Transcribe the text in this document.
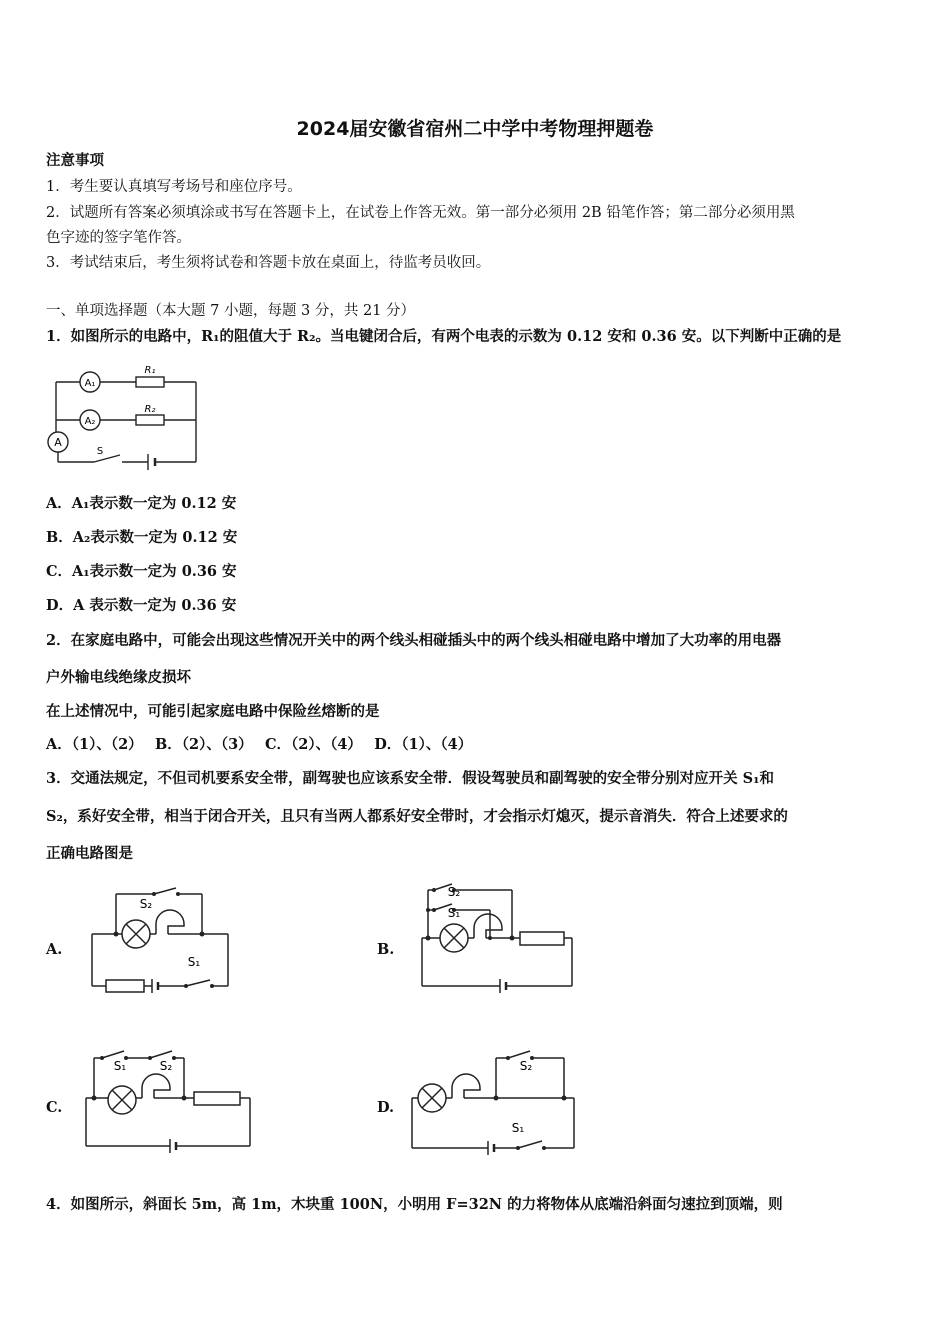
2024届安徽省宿州二中学中考物理押题卷
注意事项
1．考生要认真填写考场号和座位序号。
2．试题所有答案必须填涂或书写在答题卡上，在试卷上作答无效。第一部分必须用 2B 铅笔作答；第二部分必须用黑
色字迹的签字笔作答。
3．考试结束后，考生须将试卷和答题卡放在桌面上，待监考员收回。
一、单项选择题（本大题 7 小题，每题 3 分，共 21 分）
1．如图所示的电路中，R₁的阻值大于 R₂。当电键闭合后，有两个电表的示数为 0.12 安和 0.36 安。以下判断中正确的是
A₁
A₂
A
R₁
R₂
S
A．A₁表示数一定为 0.12 安
B．A₂表示数一定为 0.12 安
C．A₁表示数一定为 0.36 安
D．A 表示数一定为 0.36 安
2．在家庭电路中，可能会出现这些情况开关中的两个线头相碰插头中的两个线头相碰电路中增加了大功率的用电器
户外输电线绝缘皮损坏
在上述情况中，可能引起家庭电路中保险丝熔断的是
A．（1）、（2）　 B．（2）、（3）　 C．（2）、（4）　 D．（1）、（4）
3．交通法规定，不但司机要系安全带，副驾驶也应该系安全带．假设驾驶员和副驾驶的安全带分别对应开关 S₁和
S₂，系好安全带，相当于闭合开关，且只有当两人都系好安全带时，才会指示灯熄灭，提示音消失．符合上述要求的
正确电路图是
A.
S₂
S₁
B.
S₂
S₁
C.
S₁	S₂
D.
S₂
S₁
4．如图所示，斜面长 5m，高 1m，木块重 100N，小明用 F=32N 的力将物体从底端沿斜面匀速拉到顶端，则
